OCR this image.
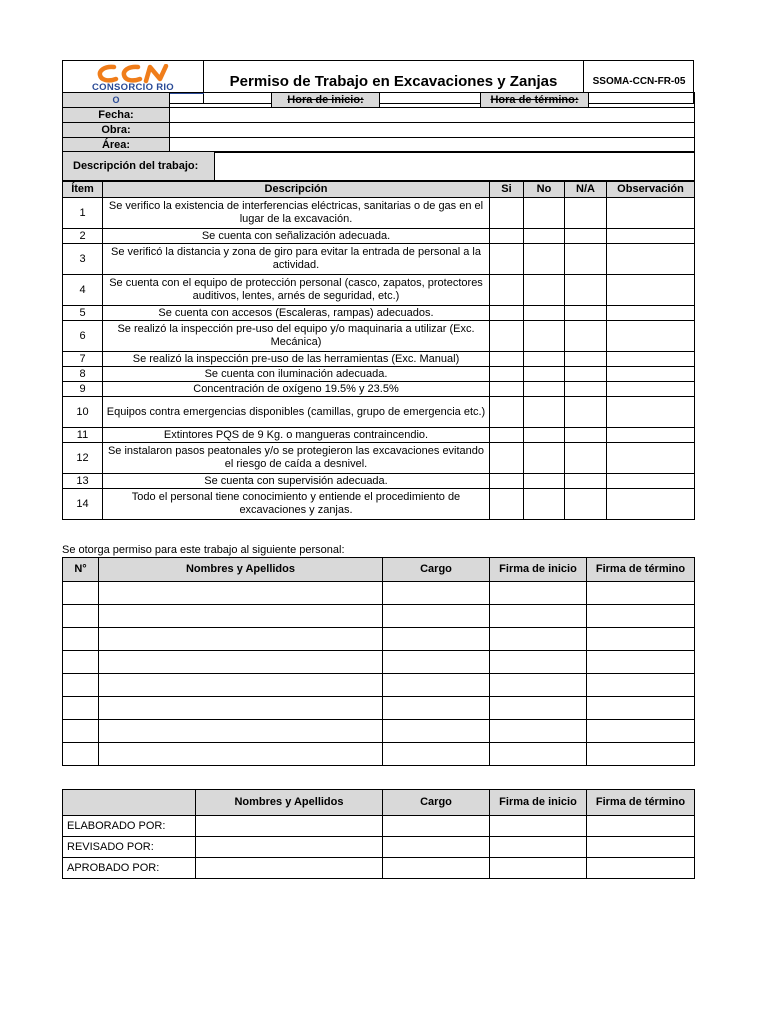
CONSORCIO RIO	Permiso de Trabajo en Excavaciones y Zanjas	SSOMA-CCN-FR-05
O		Hora de inicio:		Hora de término:	
Fecha:					
Obra:					
Área:					
Descripción del trabajo:	
Ítem	Descripción	Si	No	N/A	Observación
1	Se verifico la existencia de interferencias eléctricas, sanitarias o de gas en el lugar de la excavación.				
2	Se cuenta con señalización adecuada.				
3	Se verificó la distancia y zona de giro para evitar la entrada de personal a la actividad.				
4	Se cuenta con el equipo de protección personal (casco, zapatos, protectores auditivos, lentes, arnés de seguridad, etc.)				
5	Se cuenta con accesos (Escaleras, rampas) adecuados.				
6	Se realizó la inspección pre-uso del equipo y/o maquinaria a utilizar (Exc. Mecánica)				
7	Se realizó la inspección pre-uso de las herramientas (Exc. Manual)				
8	Se cuenta con iluminación adecuada.				
9	Concentración de oxígeno 19.5% y 23.5%				
10	Equipos contra emergencias disponibles (camillas, grupo de emergencia etc.)				
11	Extintores PQS de 9 Kg. o mangueras contraincendio.				
12	Se instalaron pasos peatonales y/o se protegieron las excavaciones evitando el riesgo de caída a desnivel.				
13	Se cuenta con supervisión adecuada.				
14	Todo el personal tiene conocimiento y entiende el procedimiento de excavaciones y zanjas.				
Se otorga permiso para este trabajo al siguiente personal:
N°	Nombres y Apellidos	Cargo	Firma de inicio	Firma de término

	Nombres y Apellidos	Cargo	Firma de inicio	Firma de término
ELABORADO POR:				
REVISADO POR:				
APROBADO POR:				
